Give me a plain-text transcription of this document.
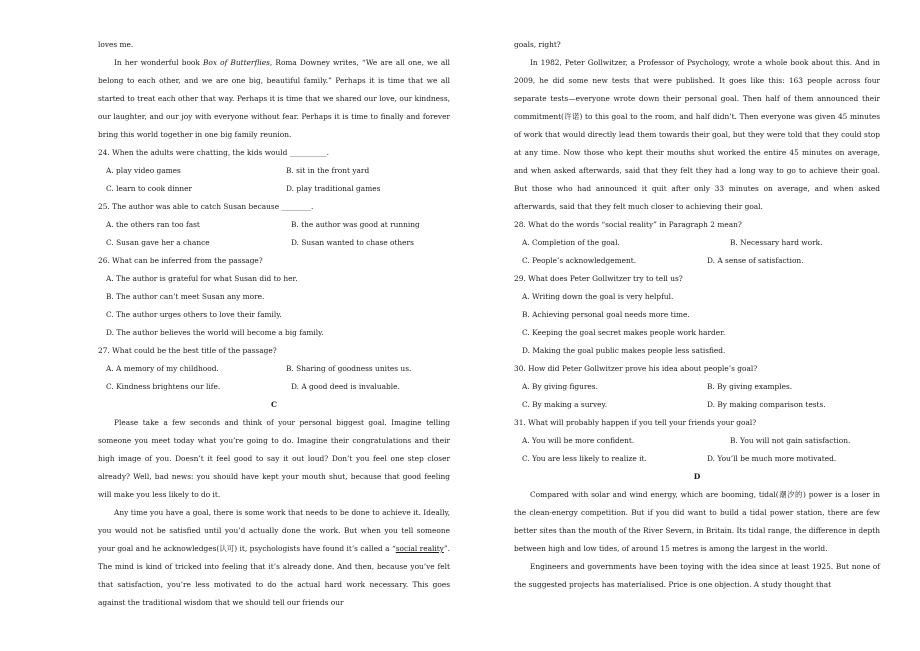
loves me.

In her wonderful book Box of Butterflies, Roma Downey writes, “We are all one, we all belong to each other, and we are one big, beautiful family.” Perhaps it is time that we all started to treat each other that way. Perhaps it is time that we shared our love, our kindness, our laughter, and our joy with everyone without fear. Perhaps it is time to finally and forever bring this world together in one big family reunion.

24. When the adults were chatting, the kids would __________.

A. play video games	B. sit in the front yard
C. learn to cook dinner	D. play traditional games

25. The author was able to catch Susan because ________.

A. the others ran too fast	B. the author was good at running
C. Susan gave her a chance	D. Susan wanted to chase others

26. What can be inferred from the passage?

A. The author is grateful for what Susan did to her.

B. The author can’t meet Susan any more.

C. The author urges others to love their family.

D. The author believes the world will become a big family.

27. What could be the best title of the passage?

A. A memory of my childhood.	B. Sharing of goodness unites us.
C. Kindness brightens our life.	D. A good deed is invaluable.

C

Please take a few seconds and think of your personal biggest goal. Imagine telling someone you meet today what you’re going to do. Imagine their congratulations and their high image of you. Doesn’t it feel good to say it out loud? Don’t you feel one step closer already? Well, bad news: you should have kept your mouth shut, because that good feeling will make you less likely to do it.

Any time you have a goal, there is some work that needs to be done to achieve it. Ideally, you would not be satisfied until you’d actually done the work. But when you tell someone your goal and he acknowledges(认可) it, psychologists have found it’s called a “social reality”. The mind is kind of tricked into feeling that it’s already done. And then, because you’ve felt that satisfaction, you’re less motivated to do the actual hard work necessary. This goes against the traditional wisdom that we should tell our friends our

goals, right?

In 1982, Peter Gollwitzer, a Professor of Psychology, wrote a whole book about this. And in 2009, he did some new tests that were published. It goes like this: 163 people across four separate tests—everyone wrote down their personal goal. Then half of them announced their commitment(许诺) to this goal to the room, and half didn’t. Then everyone was given 45 minutes of work that would directly lead them towards their goal, but they were told that they could stop at any time. Now those who kept their mouths shut worked the entire 45 minutes on average, and when asked afterwards, said that they felt they had a long way to go to achieve their goal. But those who had announced it quit after only 33 minutes on average, and when asked afterwards, said that they felt much closer to achieving their goal.

28. What do the words “social reality” in Paragraph 2 mean?

A. Completion of the goal.	B. Necessary hard work.
C. People’s acknowledgement.	D. A sense of satisfaction.

29. What does Peter Gollwitzer try to tell us?

A. Writing down the goal is very helpful.

B. Achieving personal goal needs more time.

C. Keeping the goal secret makes people work harder.

D. Making the goal public makes people less satisfied.

30. How did Peter Gollwitzer prove his idea about people’s goal?

A. By giving figures.	B. By giving examples.
C. By making a survey.	D. By making comparison tests.

31. What will probably happen if you tell your friends your goal?

A. You will be more confident.	B. You will not gain satisfaction.
C. You are less likely to realize it.	D. You’ll be much more motivated.

D

Compared with solar and wind energy, which are booming, tidal(潮汐的) power is a loser in the clean-energy competition. But if you did want to build a tidal power station, there are few better sites than the mouth of the River Severn, in Britain. Its tidal range, the difference in depth between high and low tides, of around 15 metres is among the largest in the world.

Engineers and governments have been toying with the idea since at least 1925. But none of the suggested projects has materialised. Price is one objection. A study thought that
